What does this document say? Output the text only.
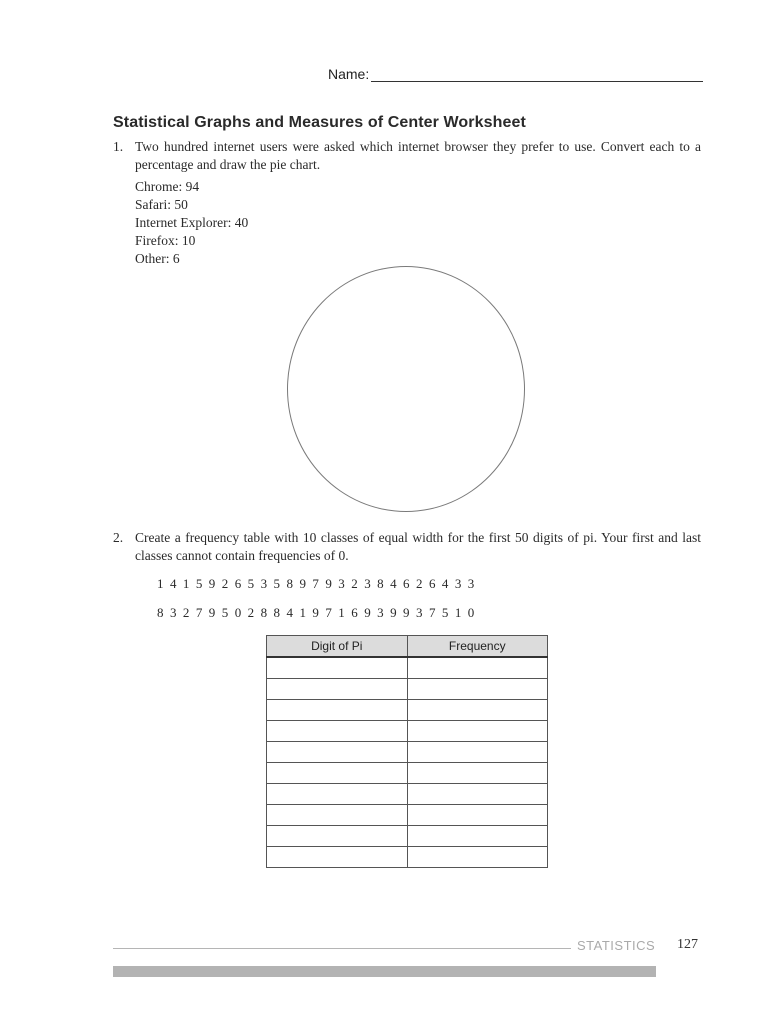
Name:
Statistical Graphs and Measures of Center Worksheet
1. Two hundred internet users were asked which internet browser they prefer to use. Convert each to a percentage and draw the pie chart.
Chrome: 94
Safari: 50
Internet Explorer: 40
Firefox: 10
Other: 6
2. Create a frequency table with 10 classes of equal width for the first 50 digits of pi. Your first and last classes cannot contain frequencies of 0.
1 4 1 5 9 2 6 5 3 5 8 9 7 9 3 2 3 8 4 6 2 6 4 3 3
8 3 2 7 9 5 0 2 8 8 4 1 9 7 1 6 9 3 9 9 3 7 5 1 0
Digit of Pi	Frequency

STATISTICS 127
